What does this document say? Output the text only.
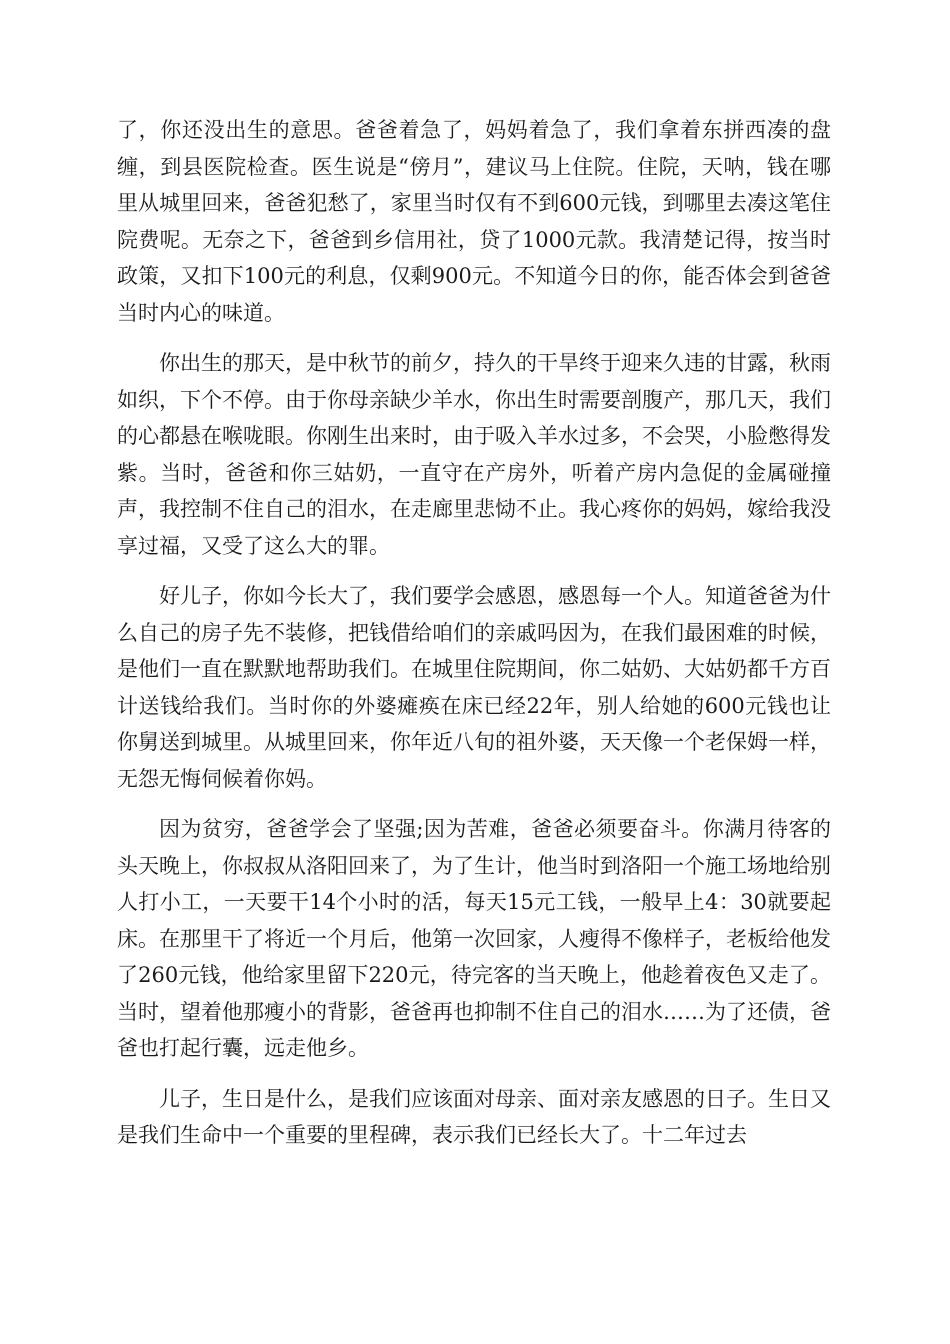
了，你还没出生的意思。爸爸着急了，妈妈着急了，我们拿着东拼西凑的盘缠，到县医院检查。医生说是“傍月”，建议马上住院。住院，天呐，钱在哪里从城里回来，爸爸犯愁了，家里当时仅有不到600元钱，到哪里去凑这笔住院费呢。无奈之下，爸爸到乡信用社，贷了1000元款。我清楚记得，按当时政策，又扣下100元的利息，仅剩900元。不知道今日的你，能否体会到爸爸当时内心的味道。

你出生的那天，是中秋节的前夕，持久的干旱终于迎来久违的甘露，秋雨如织，下个不停。由于你母亲缺少羊水，你出生时需要剖腹产，那几天，我们的心都悬在喉咙眼。你刚生出来时，由于吸入羊水过多，不会哭，小脸憋得发紫。当时，爸爸和你三姑奶，一直守在产房外，听着产房内急促的金属碰撞声，我控制不住自己的泪水，在走廊里悲恸不止。我心疼你的妈妈，嫁给我没享过福，又受了这么大的罪。

好儿子，你如今长大了，我们要学会感恩，感恩每一个人。知道爸爸为什么自己的房子先不装修，把钱借给咱们的亲戚吗因为，在我们最困难的时候，是他们一直在默默地帮助我们。在城里住院期间，你二姑奶、大姑奶都千方百计送钱给我们。当时你的外婆瘫痪在床已经22年，别人给她的600元钱也让你舅送到城里。从城里回来，你年近八旬的祖外婆，天天像一个老保姆一样，无怨无悔伺候着你妈。

因为贫穷，爸爸学会了坚强;因为苦难，爸爸必须要奋斗。你满月待客的头天晚上，你叔叔从洛阳回来了，为了生计，他当时到洛阳一个施工场地给别人打小工，一天要干14个小时的活，每天15元工钱，一般早上4：30就要起床。在那里干了将近一个月后，他第一次回家，人瘦得不像样子，老板给他发了260元钱，他给家里留下220元，待完客的当天晚上，他趁着夜色又走了。当时，望着他那瘦小的背影，爸爸再也抑制不住自己的泪水……为了还债，爸爸也打起行囊，远走他乡。

儿子，生日是什么，是我们应该面对母亲、面对亲友感恩的日子。生日又是我们生命中一个重要的里程碑，表示我们已经长大了。十二年过去
